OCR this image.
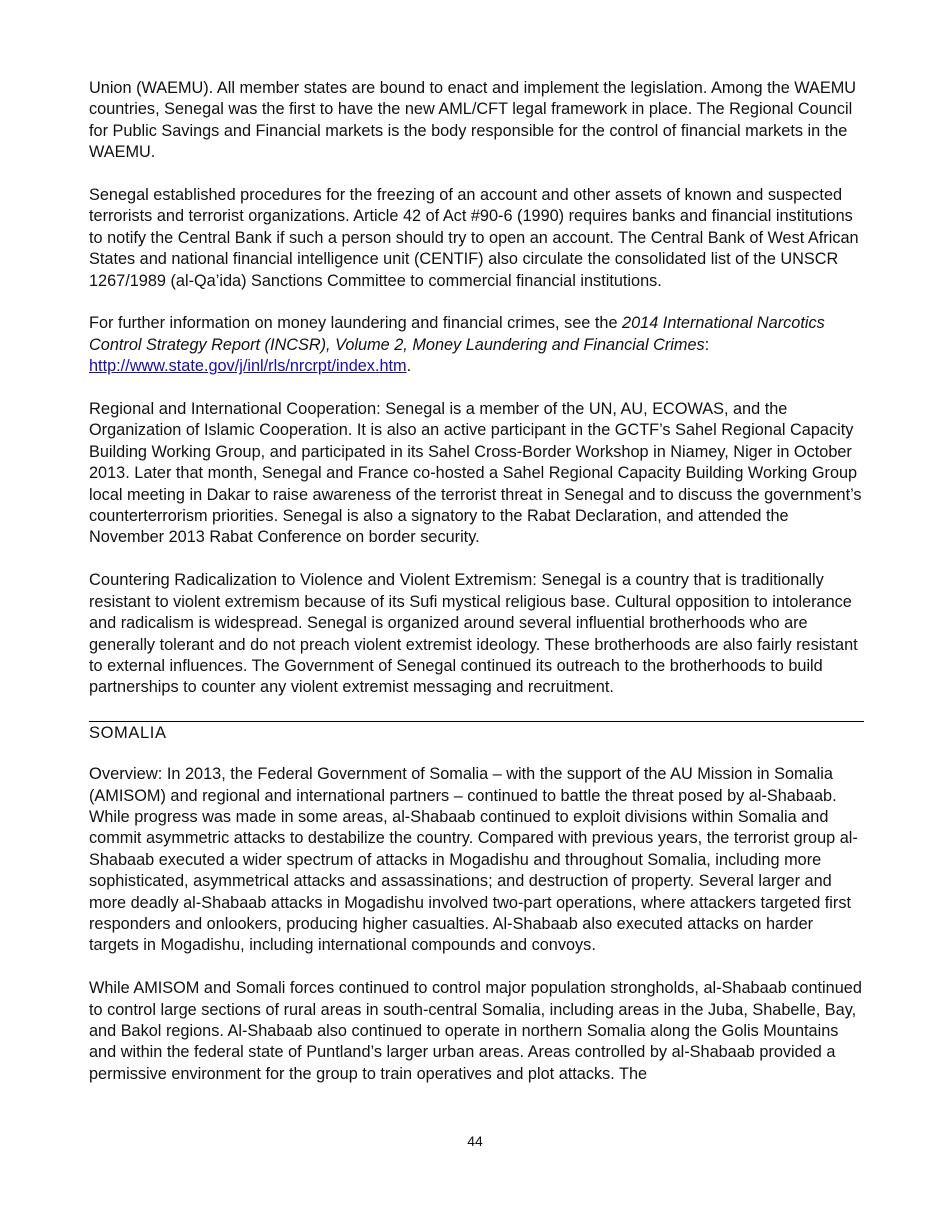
Union (WAEMU). All member states are bound to enact and implement the legislation. Among the WAEMU countries, Senegal was the first to have the new AML/CFT legal framework in place. The Regional Council for Public Savings and Financial markets is the body responsible for the control of financial markets in the WAEMU.

Senegal established procedures for the freezing of an account and other assets of known and suspected terrorists and terrorist organizations. Article 42 of Act #90-6 (1990) requires banks and financial institutions to notify the Central Bank if such a person should try to open an account. The Central Bank of West African States and national financial intelligence unit (CENTIF) also circulate the consolidated list of the UNSCR 1267/1989 (al-Qa’ida) Sanctions Committee to commercial financial institutions.

For further information on money laundering and financial crimes, see the 2014 International Narcotics Control Strategy Report (INCSR), Volume 2, Money Laundering and Financial Crimes:
http://www.state.gov/j/inl/rls/nrcrpt/index.htm.

Regional and International Cooperation: Senegal is a member of the UN, AU, ECOWAS, and the Organization of Islamic Cooperation. It is also an active participant in the GCTF’s Sahel Regional Capacity Building Working Group, and participated in its Sahel Cross-Border Workshop in Niamey, Niger in October 2013. Later that month, Senegal and France co-hosted a Sahel Regional Capacity Building Working Group local meeting in Dakar to raise awareness of the terrorist threat in Senegal and to discuss the government’s counterterrorism priorities. Senegal is also a signatory to the Rabat Declaration, and attended the November 2013 Rabat Conference on border security.

Countering Radicalization to Violence and Violent Extremism: Senegal is a country that is traditionally resistant to violent extremism because of its Sufi mystical religious base. Cultural opposition to intolerance and radicalism is widespread. Senegal is organized around several influential brotherhoods who are generally tolerant and do not preach violent extremist ideology. These brotherhoods are also fairly resistant to external influences. The Government of Senegal continued its outreach to the brotherhoods to build partnerships to counter any violent extremist messaging and recruitment.

SOMALIA

Overview: In 2013, the Federal Government of Somalia – with the support of the AU Mission in Somalia (AMISOM) and regional and international partners – continued to battle the threat posed by al-Shabaab. While progress was made in some areas, al-Shabaab continued to exploit divisions within Somalia and commit asymmetric attacks to destabilize the country. Compared with previous years, the terrorist group al-Shabaab executed a wider spectrum of attacks in Mogadishu and throughout Somalia, including more sophisticated, asymmetrical attacks and assassinations; and destruction of property. Several larger and more deadly al-Shabaab attacks in Mogadishu involved two-part operations, where attackers targeted first responders and onlookers, producing higher casualties. Al-Shabaab also executed attacks on harder targets in Mogadishu, including international compounds and convoys.

While AMISOM and Somali forces continued to control major population strongholds, al-Shabaab continued to control large sections of rural areas in south-central Somalia, including areas in the Juba, Shabelle, Bay, and Bakol regions. Al-Shabaab also continued to operate in northern Somalia along the Golis Mountains and within the federal state of Puntland’s larger urban areas. Areas controlled by al-Shabaab provided a permissive environment for the group to train operatives and plot attacks. The

44
